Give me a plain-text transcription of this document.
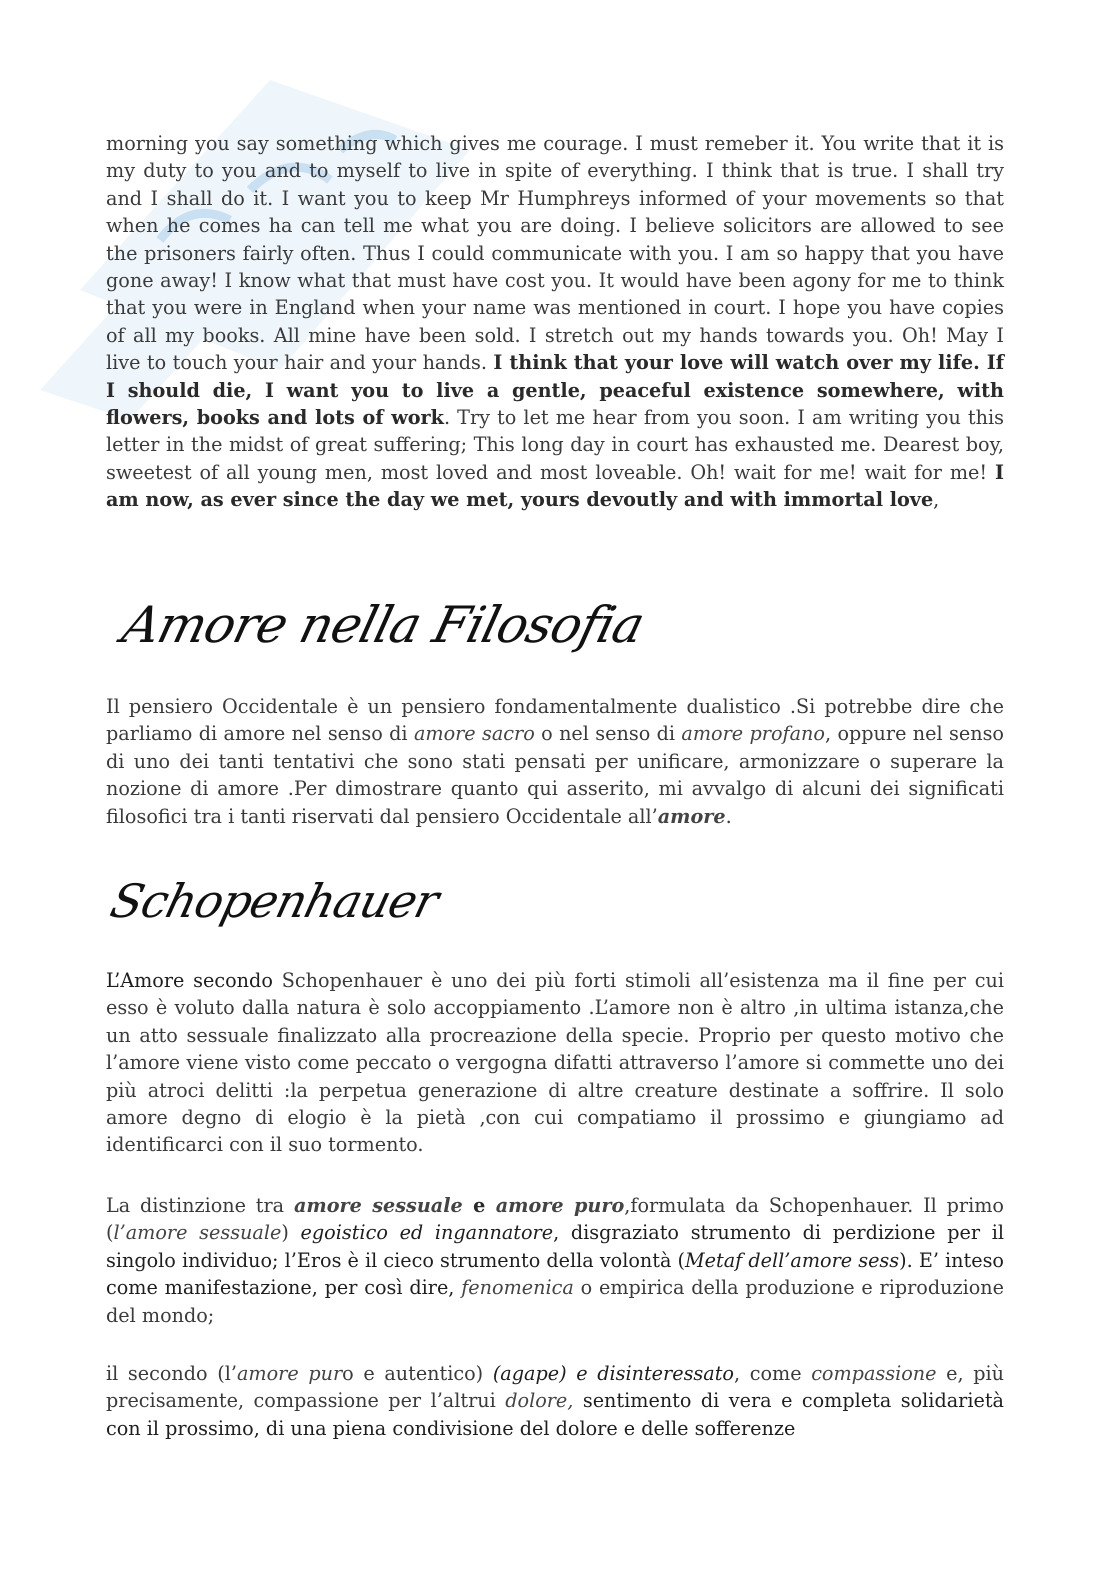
morning you say something which gives me courage. I must remeber it. You write that it is my duty to you and to myself to live in spite of everything. I think that is true. I shall try and I shall do it. I want you to keep Mr Humphreys informed of your movements so that when he comes ha can tell me what you are doing. I believe solicitors are allowed to see the prisoners fairly often. Thus I could communicate with you. I am so happy that you have gone away! I know what that must have cost you. It would have been agony for me to think that you were in England when your name was mentioned in court. I hope you have copies of all my books. All mine have been sold. I stretch out my hands towards you. Oh! May I live to touch your hair and your hands. I think that your love will watch over my life. If I should die, I want you to live a gentle, peaceful existence somewhere, with flowers, books and lots of work. Try to let me hear from you soon. I am writing you this letter in the midst of great suffering; This long day in court has exhausted me. Dearest boy, sweetest of all young men, most loved and most loveable. Oh! wait for me! wait for me! I am now, as ever since the day we met, yours devoutly and with immortal love,

Amore nella Filosofia

Il pensiero Occidentale è un pensiero fondamentalmente dualistico .Si potrebbe dire che parliamo di amore nel senso di amore sacro o nel senso di amore profano, oppure nel senso di uno dei tanti tentativi che sono stati pensati per unificare, armonizzare o superare la nozione di amore .Per dimostrare quanto qui asserito, mi avvalgo di alcuni dei significati filosofici tra i tanti riservati dal pensiero Occidentale all’amore.

Schopenhauer

L’Amore secondo Schopenhauer è uno dei più forti stimoli all’esistenza ma il fine per cui esso è voluto dalla natura è solo accoppiamento .L’amore non è altro ,in ultima istanza,che un atto sessuale finalizzato alla procreazione della specie. Proprio per questo motivo che l’amore viene visto come peccato o vergogna difatti attraverso l’amore si commette uno dei più atroci delitti :la perpetua generazione di altre creature destinate a soffrire. Il solo amore degno di elogio è la pietà ,con cui compatiamo il prossimo e giungiamo ad identificarci con il suo tormento.

La distinzione tra amore sessuale e amore puro,formulata da Schopenhauer. Il primo (l’amore sessuale) egoistico ed ingannatore, disgraziato strumento di perdizione per il singolo individuo; l’Eros è il cieco strumento della volontà (Metaf dell’amore sess). E’ inteso come manifestazione, per così dire, fenomenica o empirica della produzione e riproduzione del mondo;

il secondo (l’amore puro e autentico) (agape) e disinteressato, come compassione e, più precisamente, compassione per l’altrui dolore, sentimento di vera e completa solidarietà con il prossimo, di una piena condivisione del dolore e delle sofferenze
